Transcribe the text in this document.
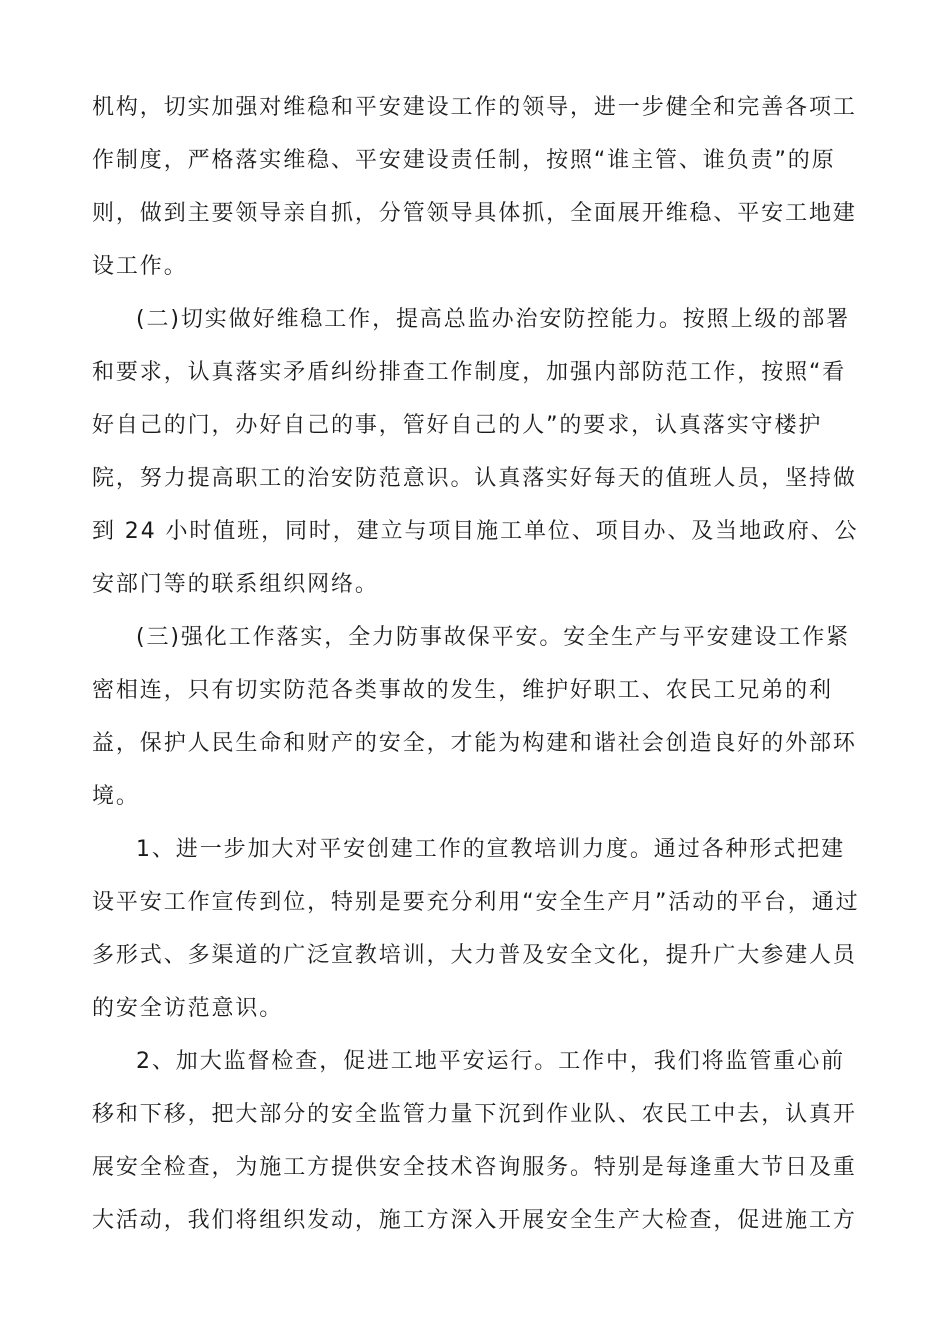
机构，切实加强对维稳和平安建设工作的领导，进一步健全和完善各项工
作制度，严格落实维稳、平安建设责任制，按照“谁主管、谁负责”的原
则，做到主要领导亲自抓，分管领导具体抓，全面展开维稳、平安工地建
设工作。
(二)切实做好维稳工作，提高总监办治安防控能力。按照上级的部署
和要求，认真落实矛盾纠纷排查工作制度，加强内部防范工作，按照“看
好自己的门，办好自己的事，管好自己的人”的要求，认真落实守楼护
院，努力提高职工的治安防范意识。认真落实好每天的值班人员，坚持做
到 24 小时值班，同时，建立与项目施工单位、项目办、及当地政府、公
安部门等的联系组织网络。
(三)强化工作落实，全力防事故保平安。安全生产与平安建设工作紧
密相连，只有切实防范各类事故的发生，维护好职工、农民工兄弟的利
益，保护人民生命和财产的安全，才能为构建和谐社会创造良好的外部环
境。
1、进一步加大对平安创建工作的宣教培训力度。通过各种形式把建
设平安工作宣传到位，特别是要充分利用“安全生产月”活动的平台，通过
多形式、多渠道的广泛宣教培训，大力普及安全文化，提升广大参建人员
的安全访范意识。
2、加大监督检查，促进工地平安运行。工作中，我们将监管重心前
移和下移，把大部分的安全监管力量下沉到作业队、农民工中去，认真开
展安全检查，为施工方提供安全技术咨询服务。特别是每逢重大节日及重
大活动，我们将组织发动，施工方深入开展安全生产大检查，促进施工方
